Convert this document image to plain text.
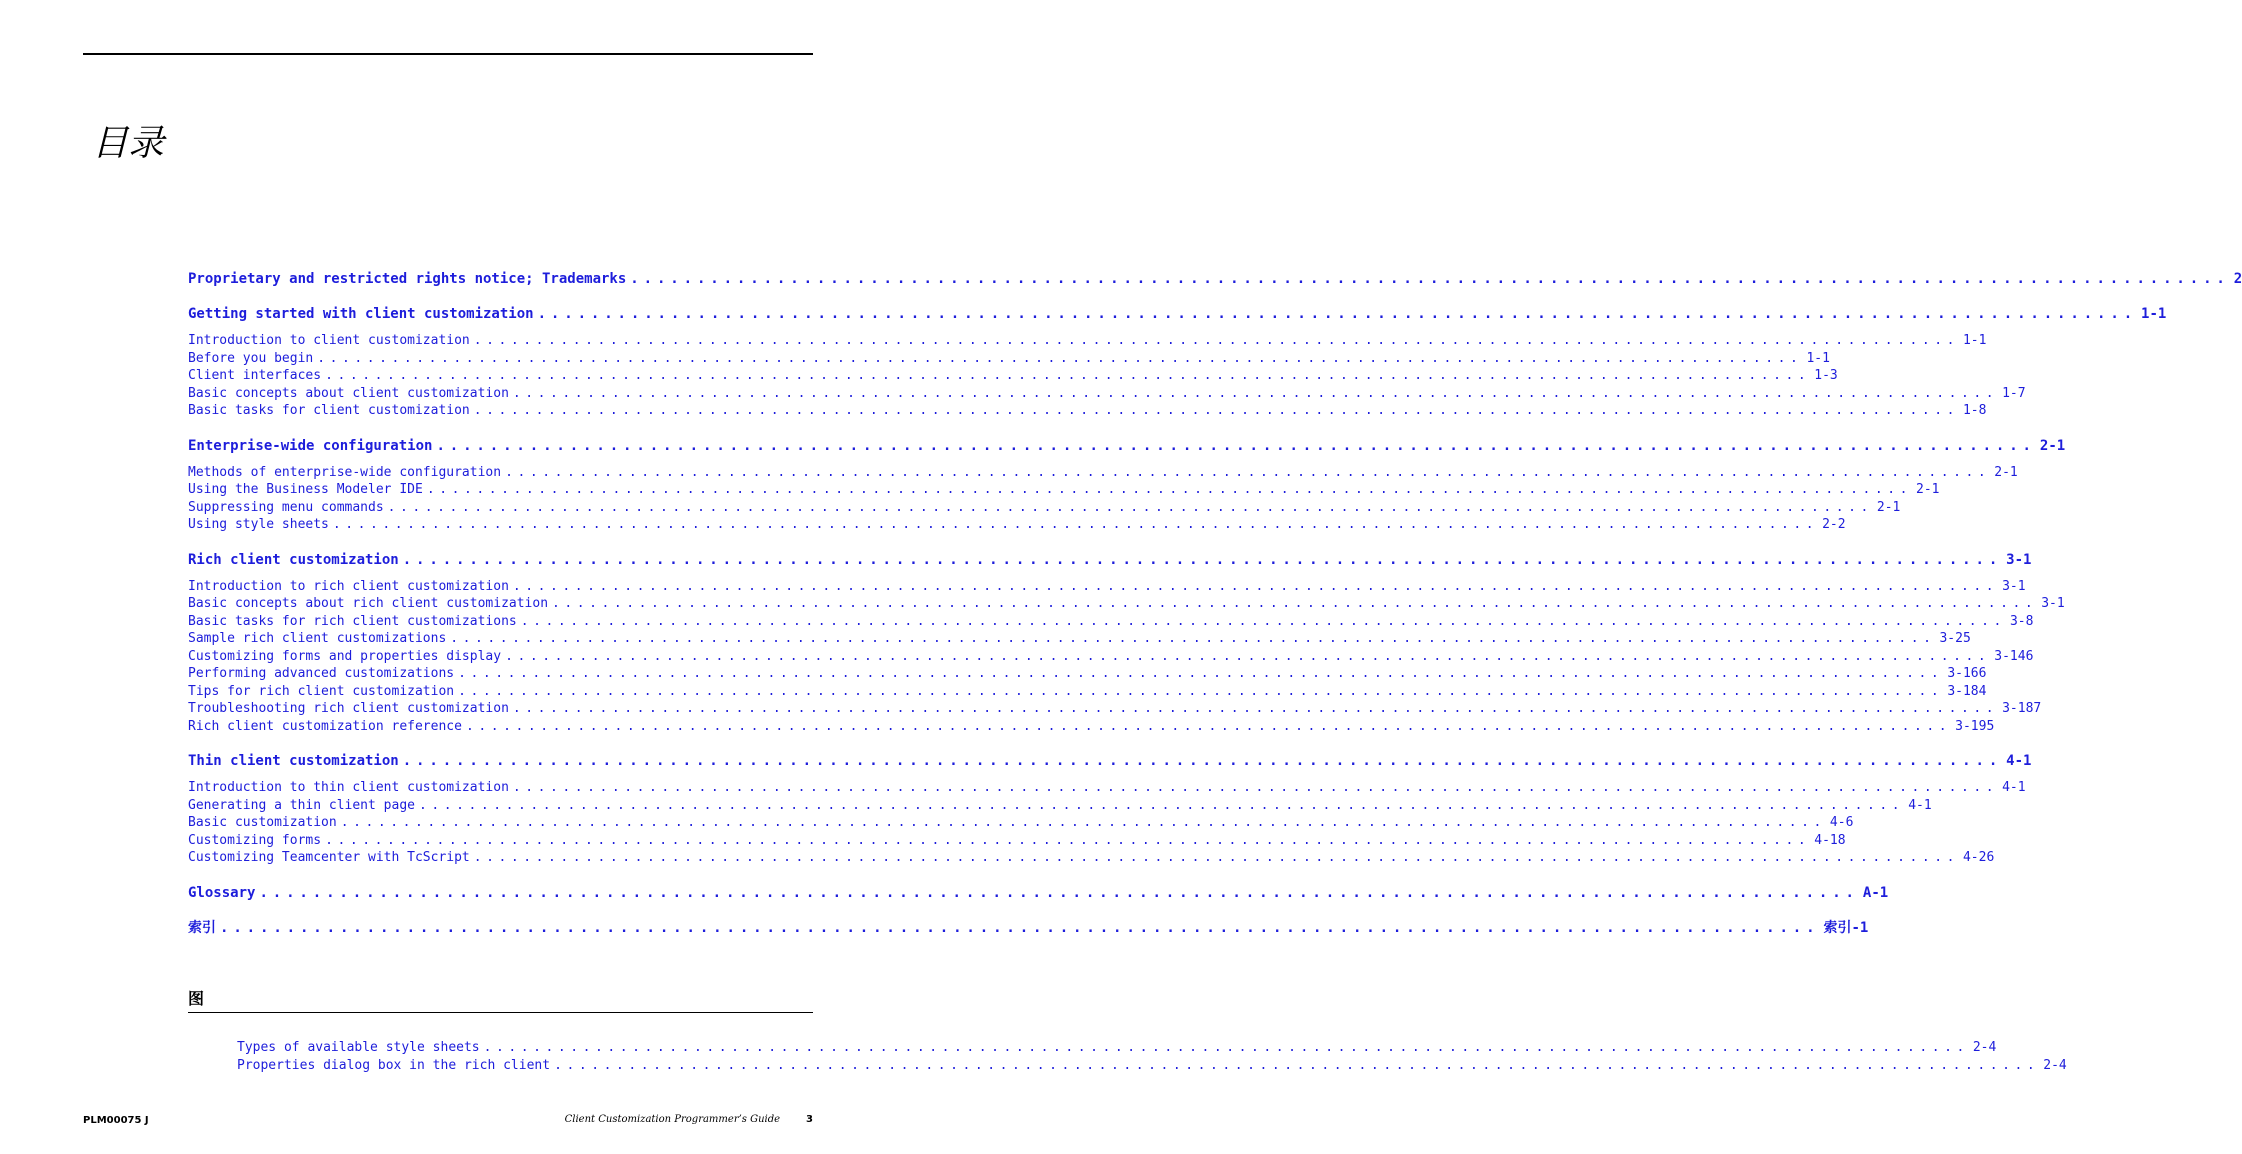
目录
Proprietary and restricted rights notice; Trademarks ........................................................................................................................ 2
Getting started with client customization ........................................................................................................................ 1-1
Introduction to client customization ........................................................................................................................ 1-1
Before you begin ........................................................................................................................ 1-1
Client interfaces ........................................................................................................................ 1-3
Basic concepts about client customization ........................................................................................................................ 1-7
Basic tasks for client customization ........................................................................................................................ 1-8
Enterprise-wide configuration ........................................................................................................................ 2-1
Methods of enterprise-wide configuration ........................................................................................................................ 2-1
Using the Business Modeler IDE ........................................................................................................................ 2-1
Suppressing menu commands ........................................................................................................................ 2-1
Using style sheets ........................................................................................................................ 2-2
Rich client customization ........................................................................................................................ 3-1
Introduction to rich client customization ........................................................................................................................ 3-1
Basic concepts about rich client customization ........................................................................................................................ 3-1
Basic tasks for rich client customizations ........................................................................................................................ 3-8
Sample rich client customizations ........................................................................................................................ 3-25
Customizing forms and properties display ........................................................................................................................ 3-146
Performing advanced customizations ........................................................................................................................ 3-166
Tips for rich client customization ........................................................................................................................ 3-184
Troubleshooting rich client customization ........................................................................................................................ 3-187
Rich client customization reference ........................................................................................................................ 3-195
Thin client customization ........................................................................................................................ 4-1
Introduction to thin client customization ........................................................................................................................ 4-1
Generating a thin client page ........................................................................................................................ 4-1
Basic customization ........................................................................................................................ 4-6
Customizing forms ........................................................................................................................ 4-18
Customizing Teamcenter with TcScript ........................................................................................................................ 4-26
Glossary ........................................................................................................................ A-1
索引 ........................................................................................................................ 索引-1
图
Types of available style sheets ........................................................................................................................ 2-4
Properties dialog box in the rich client ........................................................................................................................ 2-4
PLM00075 J	Client Customization Programmer’s Guide	3
